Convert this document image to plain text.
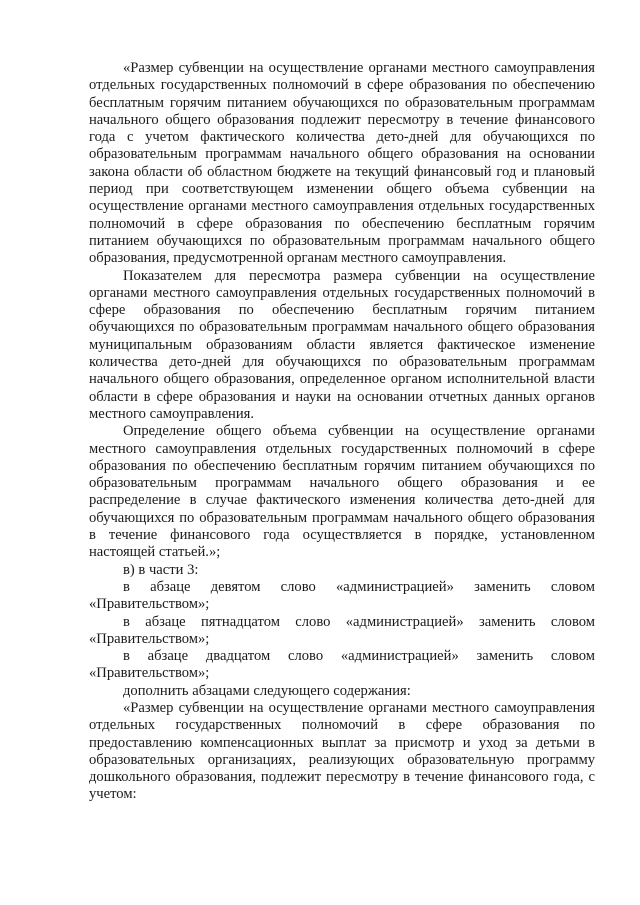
«Размер субвенции на осуществление органами местного самоуправления отдельных государственных полномочий в сфере образования по обеспечению бесплатным горячим питанием обучающихся по образовательным программам начального общего образования подлежит пересмотру в течение финансового года с учетом фактического количества дето-дней для обучающихся по образовательным программам начального общего образования на основании закона области об областном бюджете на текущий финансовый год и плановый период при соответствующем изменении общего объема субвенции на осуществление органами местного самоуправления отдельных государственных полномочий в сфере образования по обеспечению бесплатным горячим питанием обучающихся по образовательным программам начального общего образования, предусмотренной органам местного самоуправления.

Показателем для пересмотра размера субвенции на осуществление органами местного самоуправления отдельных государственных полномочий в сфере образования по обеспечению бесплатным горячим питанием обучающихся по образовательным программам начального общего образования муниципальным образованиям области является фактическое изменение количества дето-дней для обучающихся по образовательным программам начального общего образования, определенное органом исполнительной власти области в сфере образования и науки на основании отчетных данных органов местного самоуправления.

Определение общего объема субвенции на осуществление органами местного самоуправления отдельных государственных полномочий в сфере образования по обеспечению бесплатным горячим питанием обучающихся по образовательным программам начального общего образования и ее распределение в случае фактического изменения количества дето-дней для обучающихся по образовательным программам начального общего образования в течение финансового года осуществляется в порядке, установленном настоящей статьей.»;

в) в части 3:

в абзаце девятом слово «администрацией» заменить словом «Правительством»;

в абзаце пятнадцатом слово «администрацией» заменить словом «Правительством»;

в абзаце двадцатом слово «администрацией» заменить словом «Правительством»;

дополнить абзацами следующего содержания:

«Размер субвенции на осуществление органами местного самоуправления отдельных государственных полномочий в сфере образования по предоставлению компенсационных выплат за присмотр и уход за детьми в образовательных организациях, реализующих образовательную программу дошкольного образования, подлежит пересмотру в течение финансового года, с учетом:
